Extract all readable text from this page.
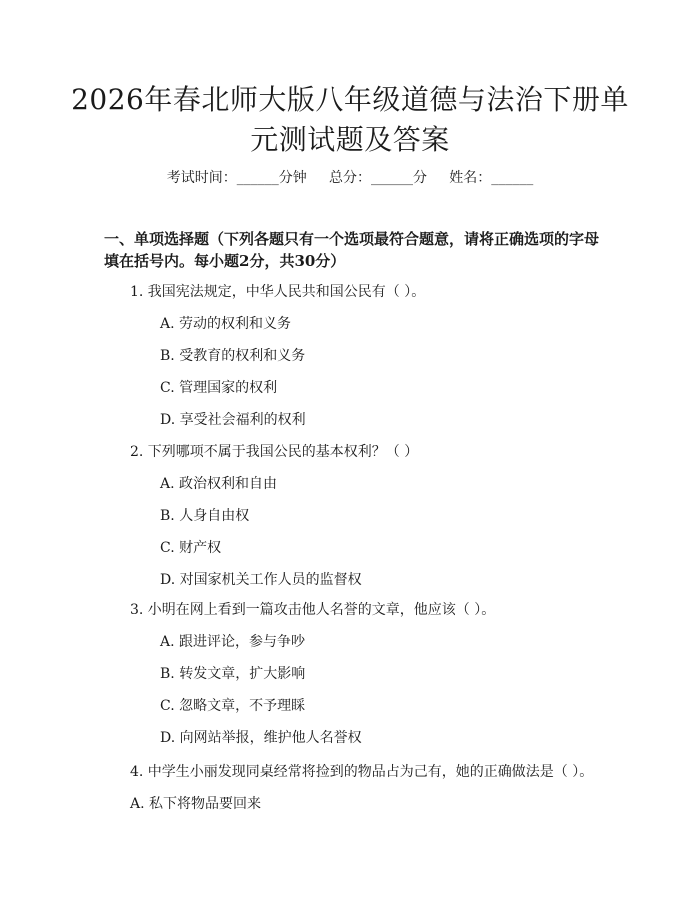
2026年春北师大版八年级道德与法治下册单元测试题及答案
考试时间：______分钟     总分：______分     姓名：______
一、单项选择题（下列各题只有一个选项最符合题意，请将正确选项的字母填在括号内。每小题2分，共30分）
1. 我国宪法规定，中华人民共和国公民有（ ）。
A. 劳动的权利和义务
B. 受教育的权利和义务
C. 管理国家的权利
D. 享受社会福利的权利
2. 下列哪项不属于我国公民的基本权利？（ ）
A. 政治权利和自由
B. 人身自由权
C. 财产权
D. 对国家机关工作人员的监督权
3. 小明在网上看到一篇攻击他人名誉的文章，他应该（ ）。
A. 跟进评论，参与争吵
B. 转发文章，扩大影响
C. 忽略文章，不予理睬
D. 向网站举报，维护他人名誉权
4. 中学生小丽发现同桌经常将捡到的物品占为己有，她的正确做法是（ ）。
A. 私下将物品要回来
